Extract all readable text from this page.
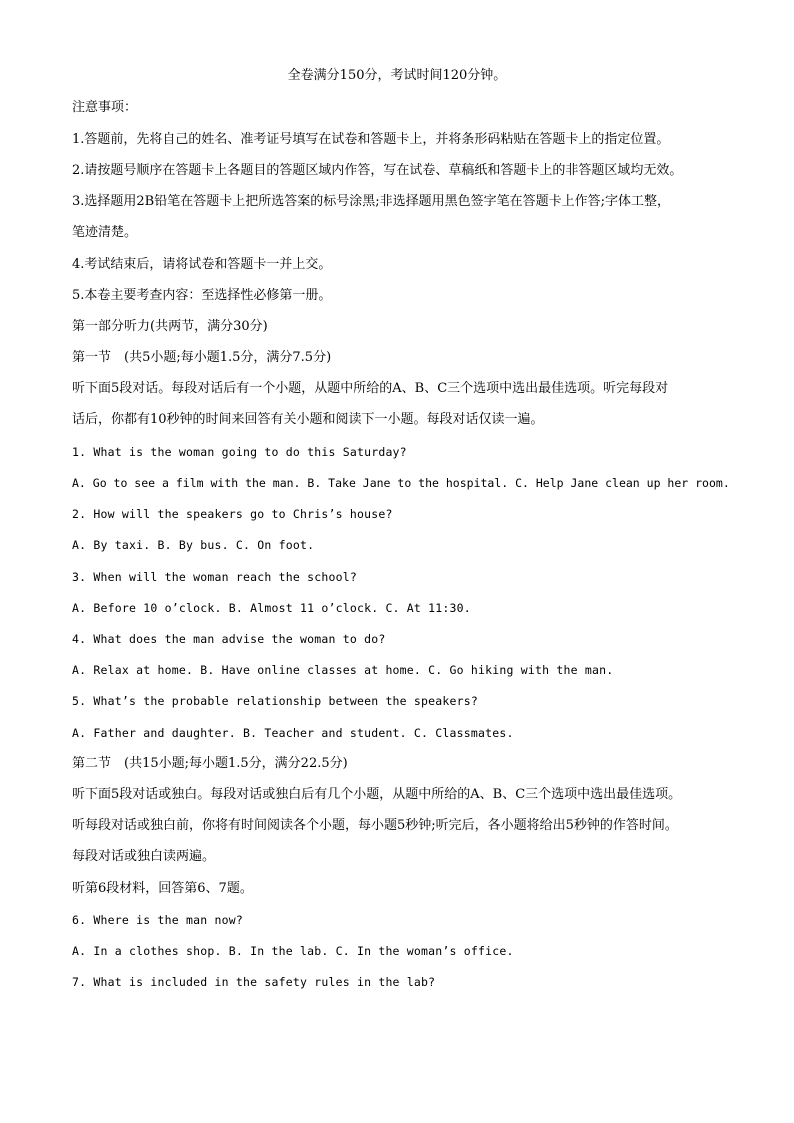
全卷满分150分，考试时间120分钟。
注意事项：
1.答题前，先将自己的姓名、准考证号填写在试卷和答题卡上，并将条形码粘贴在答题卡上的指定位置。
2.请按题号顺序在答题卡上各题目的答题区域内作答，写在试卷、草稿纸和答题卡上的非答题区域均无效。
3.选择题用2B铅笔在答题卡上把所选答案的标号涂黑;非选择题用黑色签字笔在答题卡上作答;字体工整，
笔迹清楚。
4.考试结束后，请将试卷和答题卡一并上交。
5.本卷主要考查内容：至选择性必修第一册。
第一部分听力(共两节，满分30分)
第一节　(共5小题;每小题1.5分，满分7.5分)
听下面5段对话。每段对话后有一个小题，从题中所给的A、B、C三个选项中选出最佳选项。听完每段对
话后，你都有10秒钟的时间来回答有关小题和阅读下一小题。每段对话仅读一遍。
1. What is the woman going to do this Saturday?
A. Go to see a film with the man. B. Take Jane to the hospital. C. Help Jane clean up her room.
2. How will the speakers go to Chris’s house?
A. By taxi. B. By bus. C. On foot.
3. When will the woman reach the school?
A. Before 10 o’clock. B. Almost 11 o’clock. C. At 11:30.
4. What does the man advise the woman to do?
A. Relax at home. B. Have online classes at home. C. Go hiking with the man.
5. What’s the probable relationship between the speakers?
A. Father and daughter. B. Teacher and student. C. Classmates.
第二节　(共15小题;每小题1.5分，满分22.5分)
听下面5段对话或独白。每段对话或独白后有几个小题，从题中所给的A、B、C三个选项中选出最佳选项。
听每段对话或独白前，你将有时间阅读各个小题，每小题5秒钟;听完后，各小题将给出5秒钟的作答时间。
每段对话或独白读两遍。
听第6段材料，回答第6、7题。
6. Where is the man now?
A. In a clothes shop. B. In the lab. C. In the woman’s office.
7. What is included in the safety rules in the lab?
